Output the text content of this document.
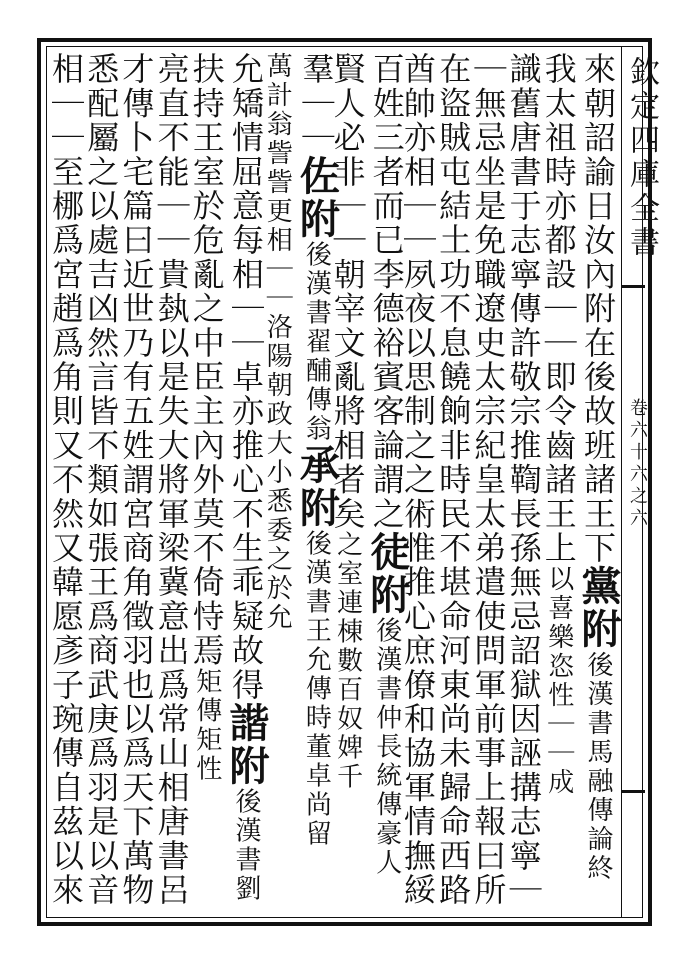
欽定四庫全書
卷六十六之六
來朝詔諭日汝內附在後故班諸王下黨附後漢書馬融傳論終
我太祖時亦都設｜｜即令齒諸王上以喜樂恣性｜｜成
識舊唐書于志寧傳許敬宗推鞫長孫無忌詔獄因誣搆志寧｜
｜無忌坐是免職遼史太宗紀皇太弟遣使問軍前事上報曰所
在盜賊屯結土功不息饒餉非時民不堪命河東尚未歸命西路
酋帥亦相｜｜夙夜以思制之之術惟推心庶僚和協軍情撫綏
百姓三者而已李德裕賓客論謂之徒附後漢書仲長統傳豪人
賢人必非｜｜朝宰文亂將相者矣之室連棟數百奴婢千
羣｜｜佐附後漢書翟酺傳翁承附後漢書王允傳時董卓尚留
萬計翁訾訾更相｜｜洛陽朝政大小悉委之於允
允矯情屈意每相｜｜卓亦推心不生乖疑故得諧附後漢書劉
扶持王室於危亂之中臣主內外莫不倚恃焉矩傳矩性
亮直不能｜｜貴埶以是失大將軍梁冀意出爲常山相唐書呂
才傳卜宅篇曰近世乃有五姓謂宮商角徵羽也以爲天下萬物
悉配屬之以處吉凶然言皆不類如張王爲商武庚爲羽是以音
相｜｜至梛爲宮趙爲角則又不然又韓愿彥子琬傳自茲以來
